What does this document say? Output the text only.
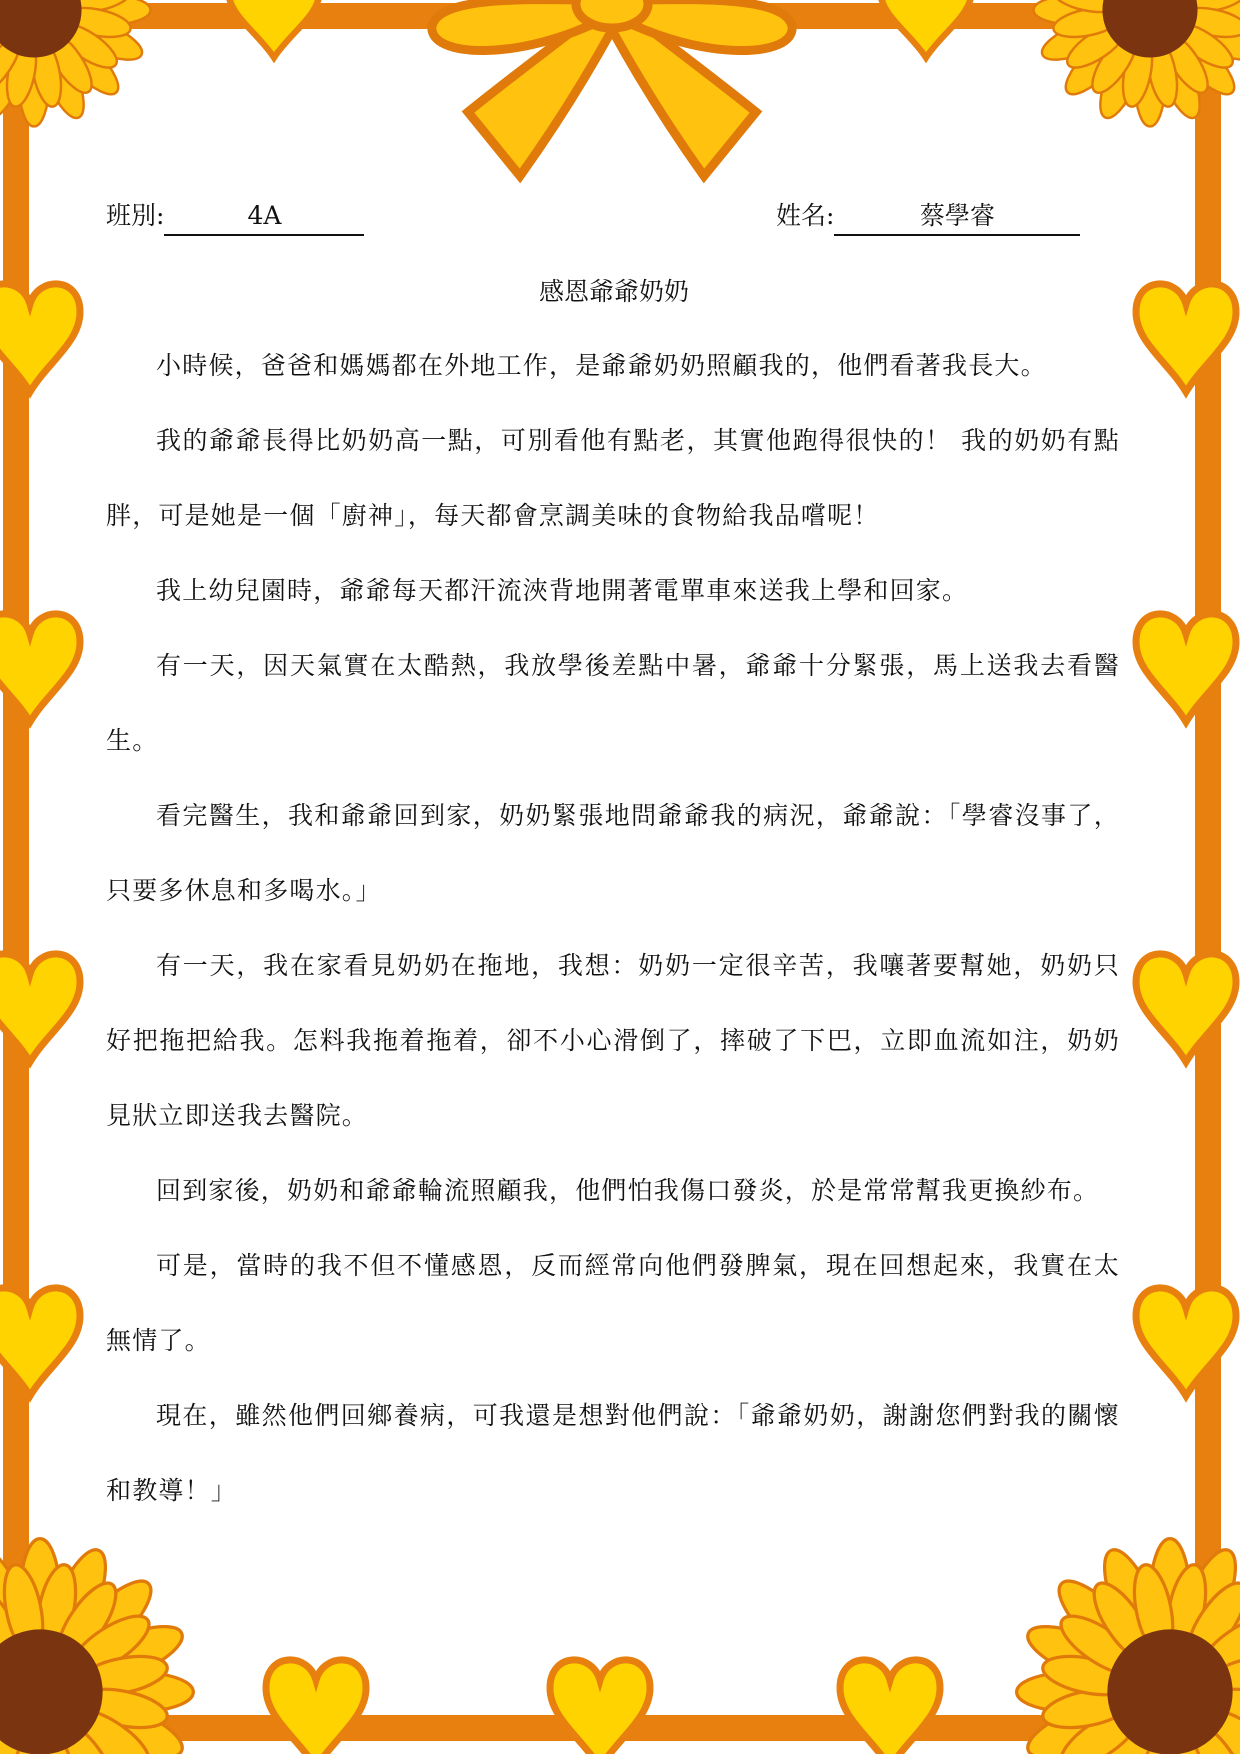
班別:	4A	姓名:	蔡學睿
感恩爺爺奶奶

小時候，爸爸和媽媽都在外地工作，是爺爺奶奶照顧我的，他們看著我長大。

我的爺爺長得比奶奶高一點，可別看他有點老，其實他跑得很快的！ 我的奶奶有點胖，可是她是一個「廚神」，每天都會烹調美味的食物給我品嚐呢！

我上幼兒園時，爺爺每天都汗流浹背地開著電單車來送我上學和回家。

有一天，因天氣實在太酷熱，我放學後差點中暑，爺爺十分緊張，馬上送我去看醫生。

看完醫生，我和爺爺回到家，奶奶緊張地問爺爺我的病況，爺爺說：「學睿沒事了，只要多休息和多喝水。」

有一天，我在家看見奶奶在拖地，我想：奶奶一定很辛苦，我嚷著要幫她，奶奶只好把拖把給我。怎料我拖着拖着，卻不小心滑倒了，摔破了下巴，立即血流如注，奶奶見狀立即送我去醫院。

回到家後，奶奶和爺爺輪流照顧我，他們怕我傷口發炎，於是常常幫我更換紗布。

可是，當時的我不但不懂感恩，反而經常向他們發脾氣，現在回想起來，我實在太無情了。

現在，雖然他們回鄉養病，可我還是想對他們說：「爺爺奶奶，謝謝您們對我的關懷和教導！」
